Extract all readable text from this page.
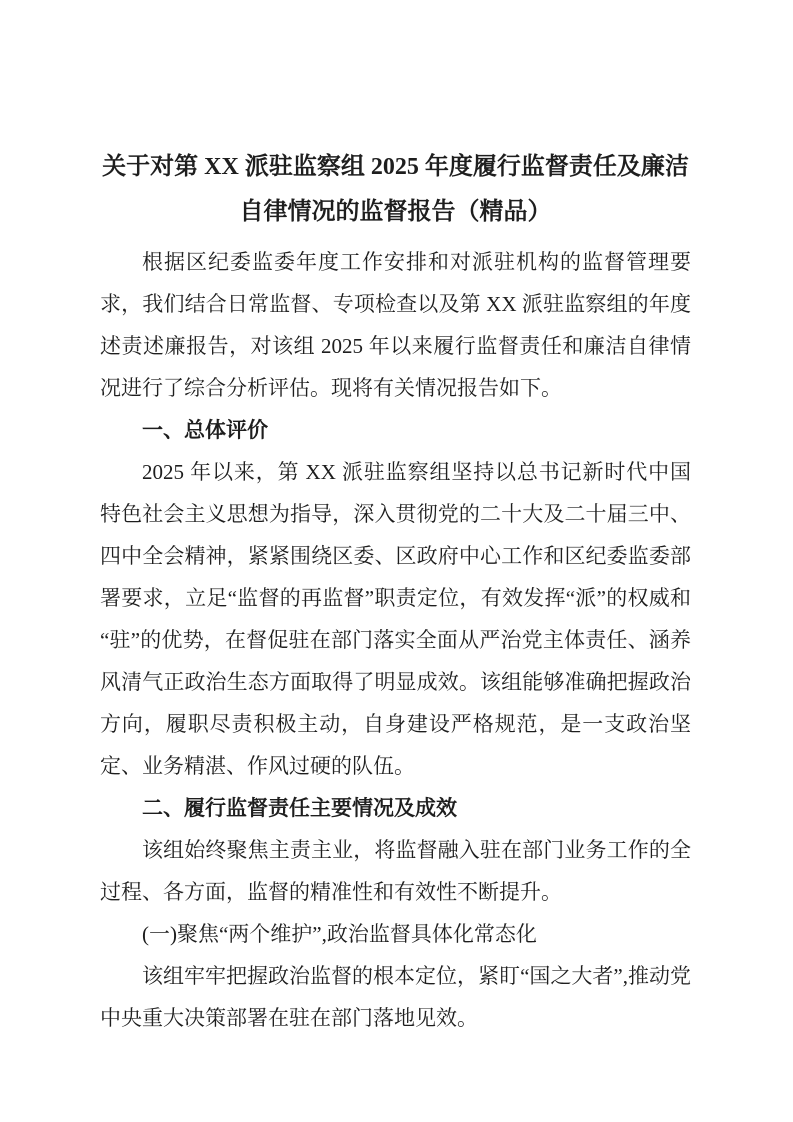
关于对第 XX 派驻监察组 2025 年度履行监督责任及廉洁自律情况的监督报告（精品）

根据区纪委监委年度工作安排和对派驻机构的监督管理要求，我们结合日常监督、专项检查以及第 XX 派驻监察组的年度述责述廉报告，对该组 2025 年以来履行监督责任和廉洁自律情况进行了综合分析评估。现将有关情况报告如下。

一、总体评价

2025 年以来，第 XX 派驻监察组坚持以总书记新时代中国特色社会主义思想为指导，深入贯彻党的二十大及二十届三中、四中全会精神，紧紧围绕区委、区政府中心工作和区纪委监委部署要求，立足“监督的再监督”职责定位，有效发挥“派”的权威和“驻”的优势，在督促驻在部门落实全面从严治党主体责任、涵养风清气正政治生态方面取得了明显成效。该组能够准确把握政治方向，履职尽责积极主动，自身建设严格规范，是一支政治坚定、业务精湛、作风过硬的队伍。

二、履行监督责任主要情况及成效

该组始终聚焦主责主业，将监督融入驻在部门业务工作的全过程、各方面，监督的精准性和有效性不断提升。

(一)聚焦“两个维护”,政治监督具体化常态化

该组牢牢把握政治监督的根本定位，紧盯“国之大者”,推动党中央重大决策部署在驻在部门落地见效。
